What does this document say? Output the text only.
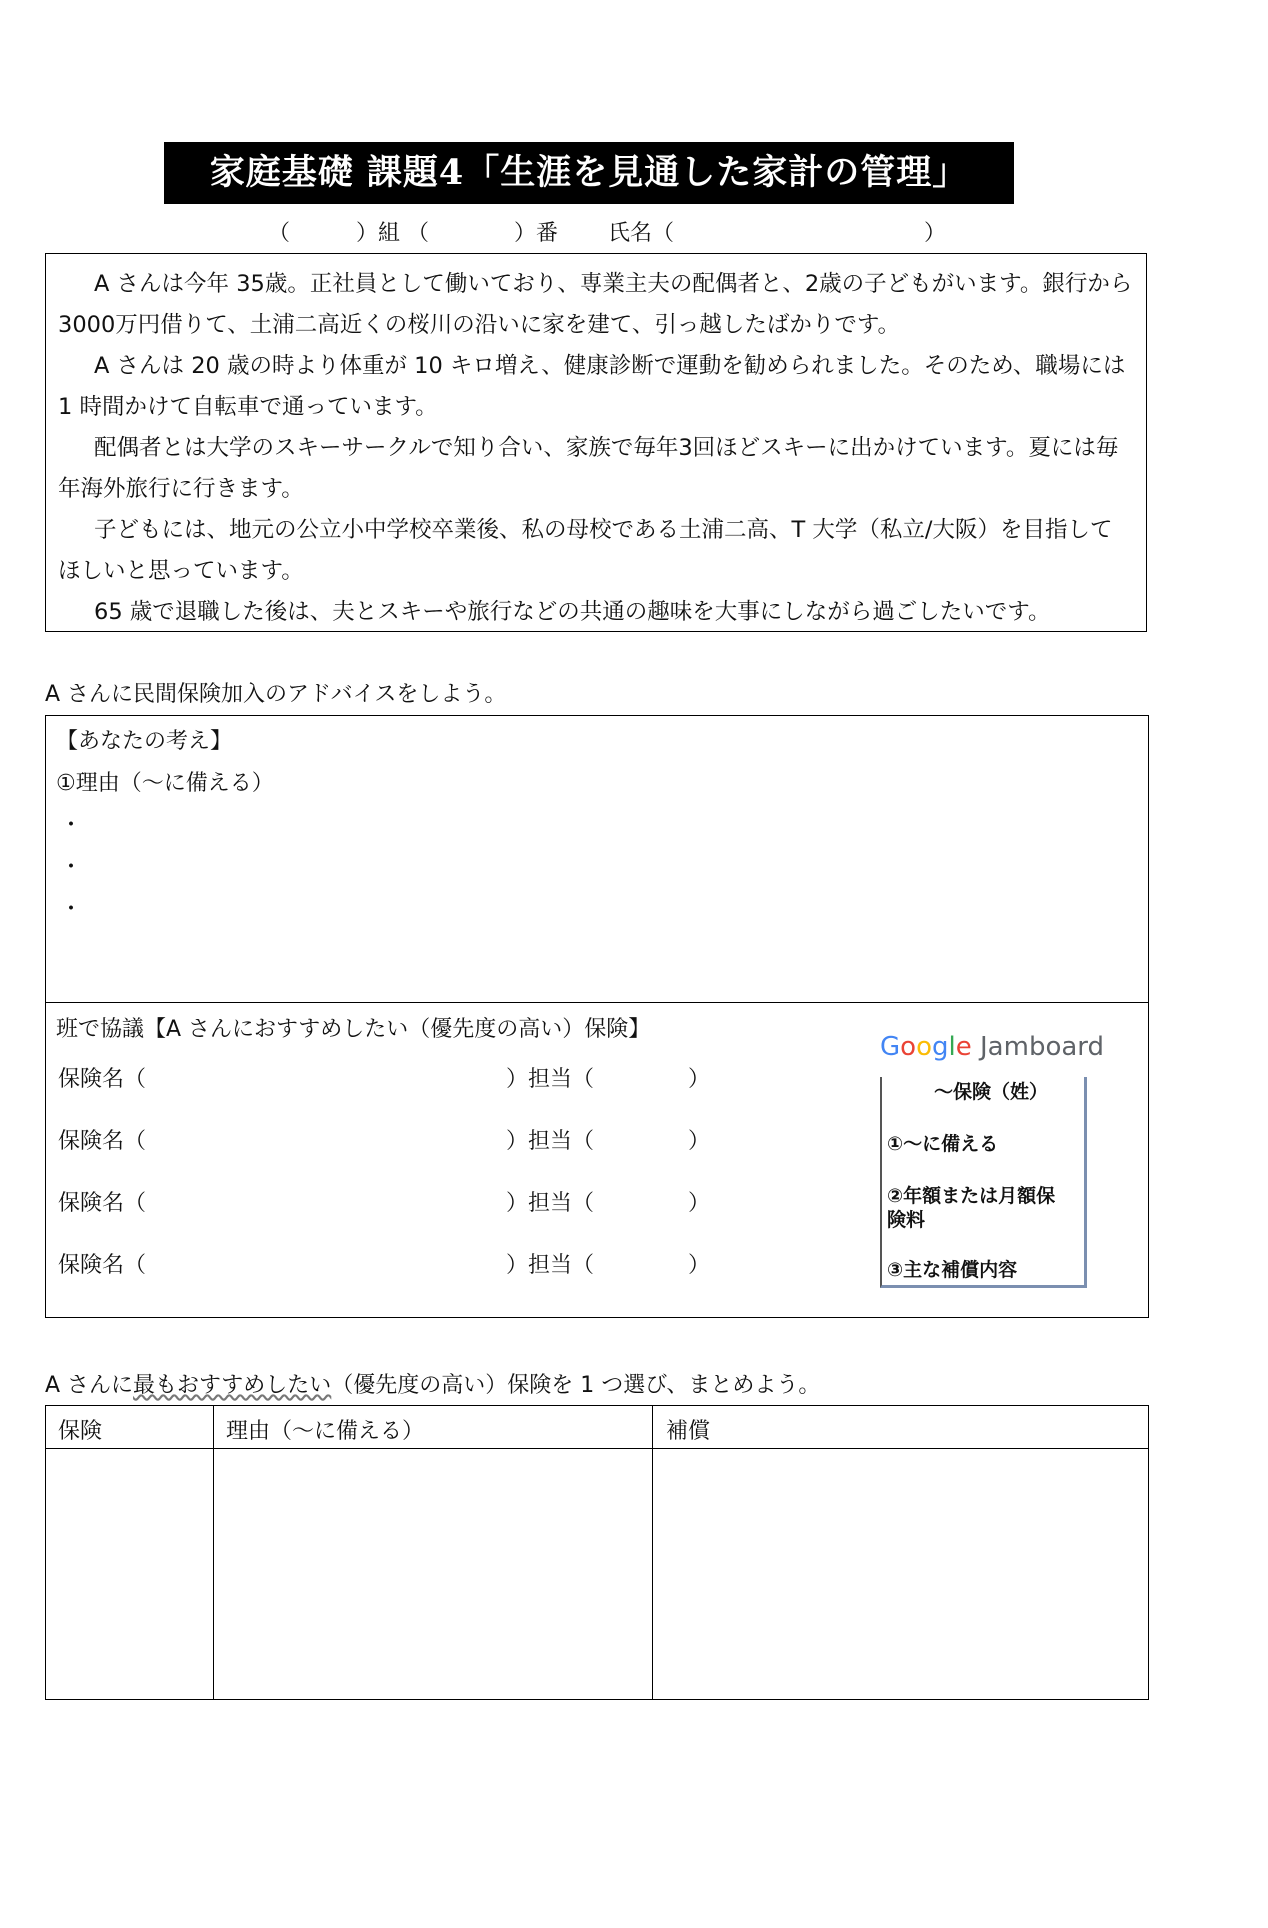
家庭基礎 課題4「生涯を見通した家計の管理」
（	）組 （	）番 氏名（	）

A さんは今年 35歳。正社員として働いており、専業主夫の配偶者と、2歳の子どもがいます。銀行から3000万円借りて、土浦二高近くの桜川の沿いに家を建て、引っ越したばかりです。

A さんは 20 歳の時より体重が 10 キロ増え、健康診断で運動を勧められました。そのため、職場には 1 時間かけて自転車で通っています。

配偶者とは大学のスキーサークルで知り合い、家族で毎年3回ほどスキーに出かけています。夏には毎年海外旅行に行きます。

子どもには、地元の公立小中学校卒業後、私の母校である土浦二高、T 大学（私立/大阪）を目指してほしいと思っています。

65 歳で退職した後は、夫とスキーや旅行などの共通の趣味を大事にしながら過ごしたいです。

A さんに民間保険加入のアドバイスをしよう。
【あなたの考え】
①理由（～に備える）
・
・
・
班で協議【A さんにおすすめしたい（優先度の高い）保険】
保険名（	）担当（	）
保険名（	）担当（	）
保険名（	）担当（	）
保険名（	）担当（	）
Google Jamboard
～保険（姓）
①～に備える
②年額または月額保
険料
③主な補償内容
A さんに最もおすすめしたい（優先度の高い）保険を 1 つ選び、まとめよう。
保険	理由（～に備える）	補償
